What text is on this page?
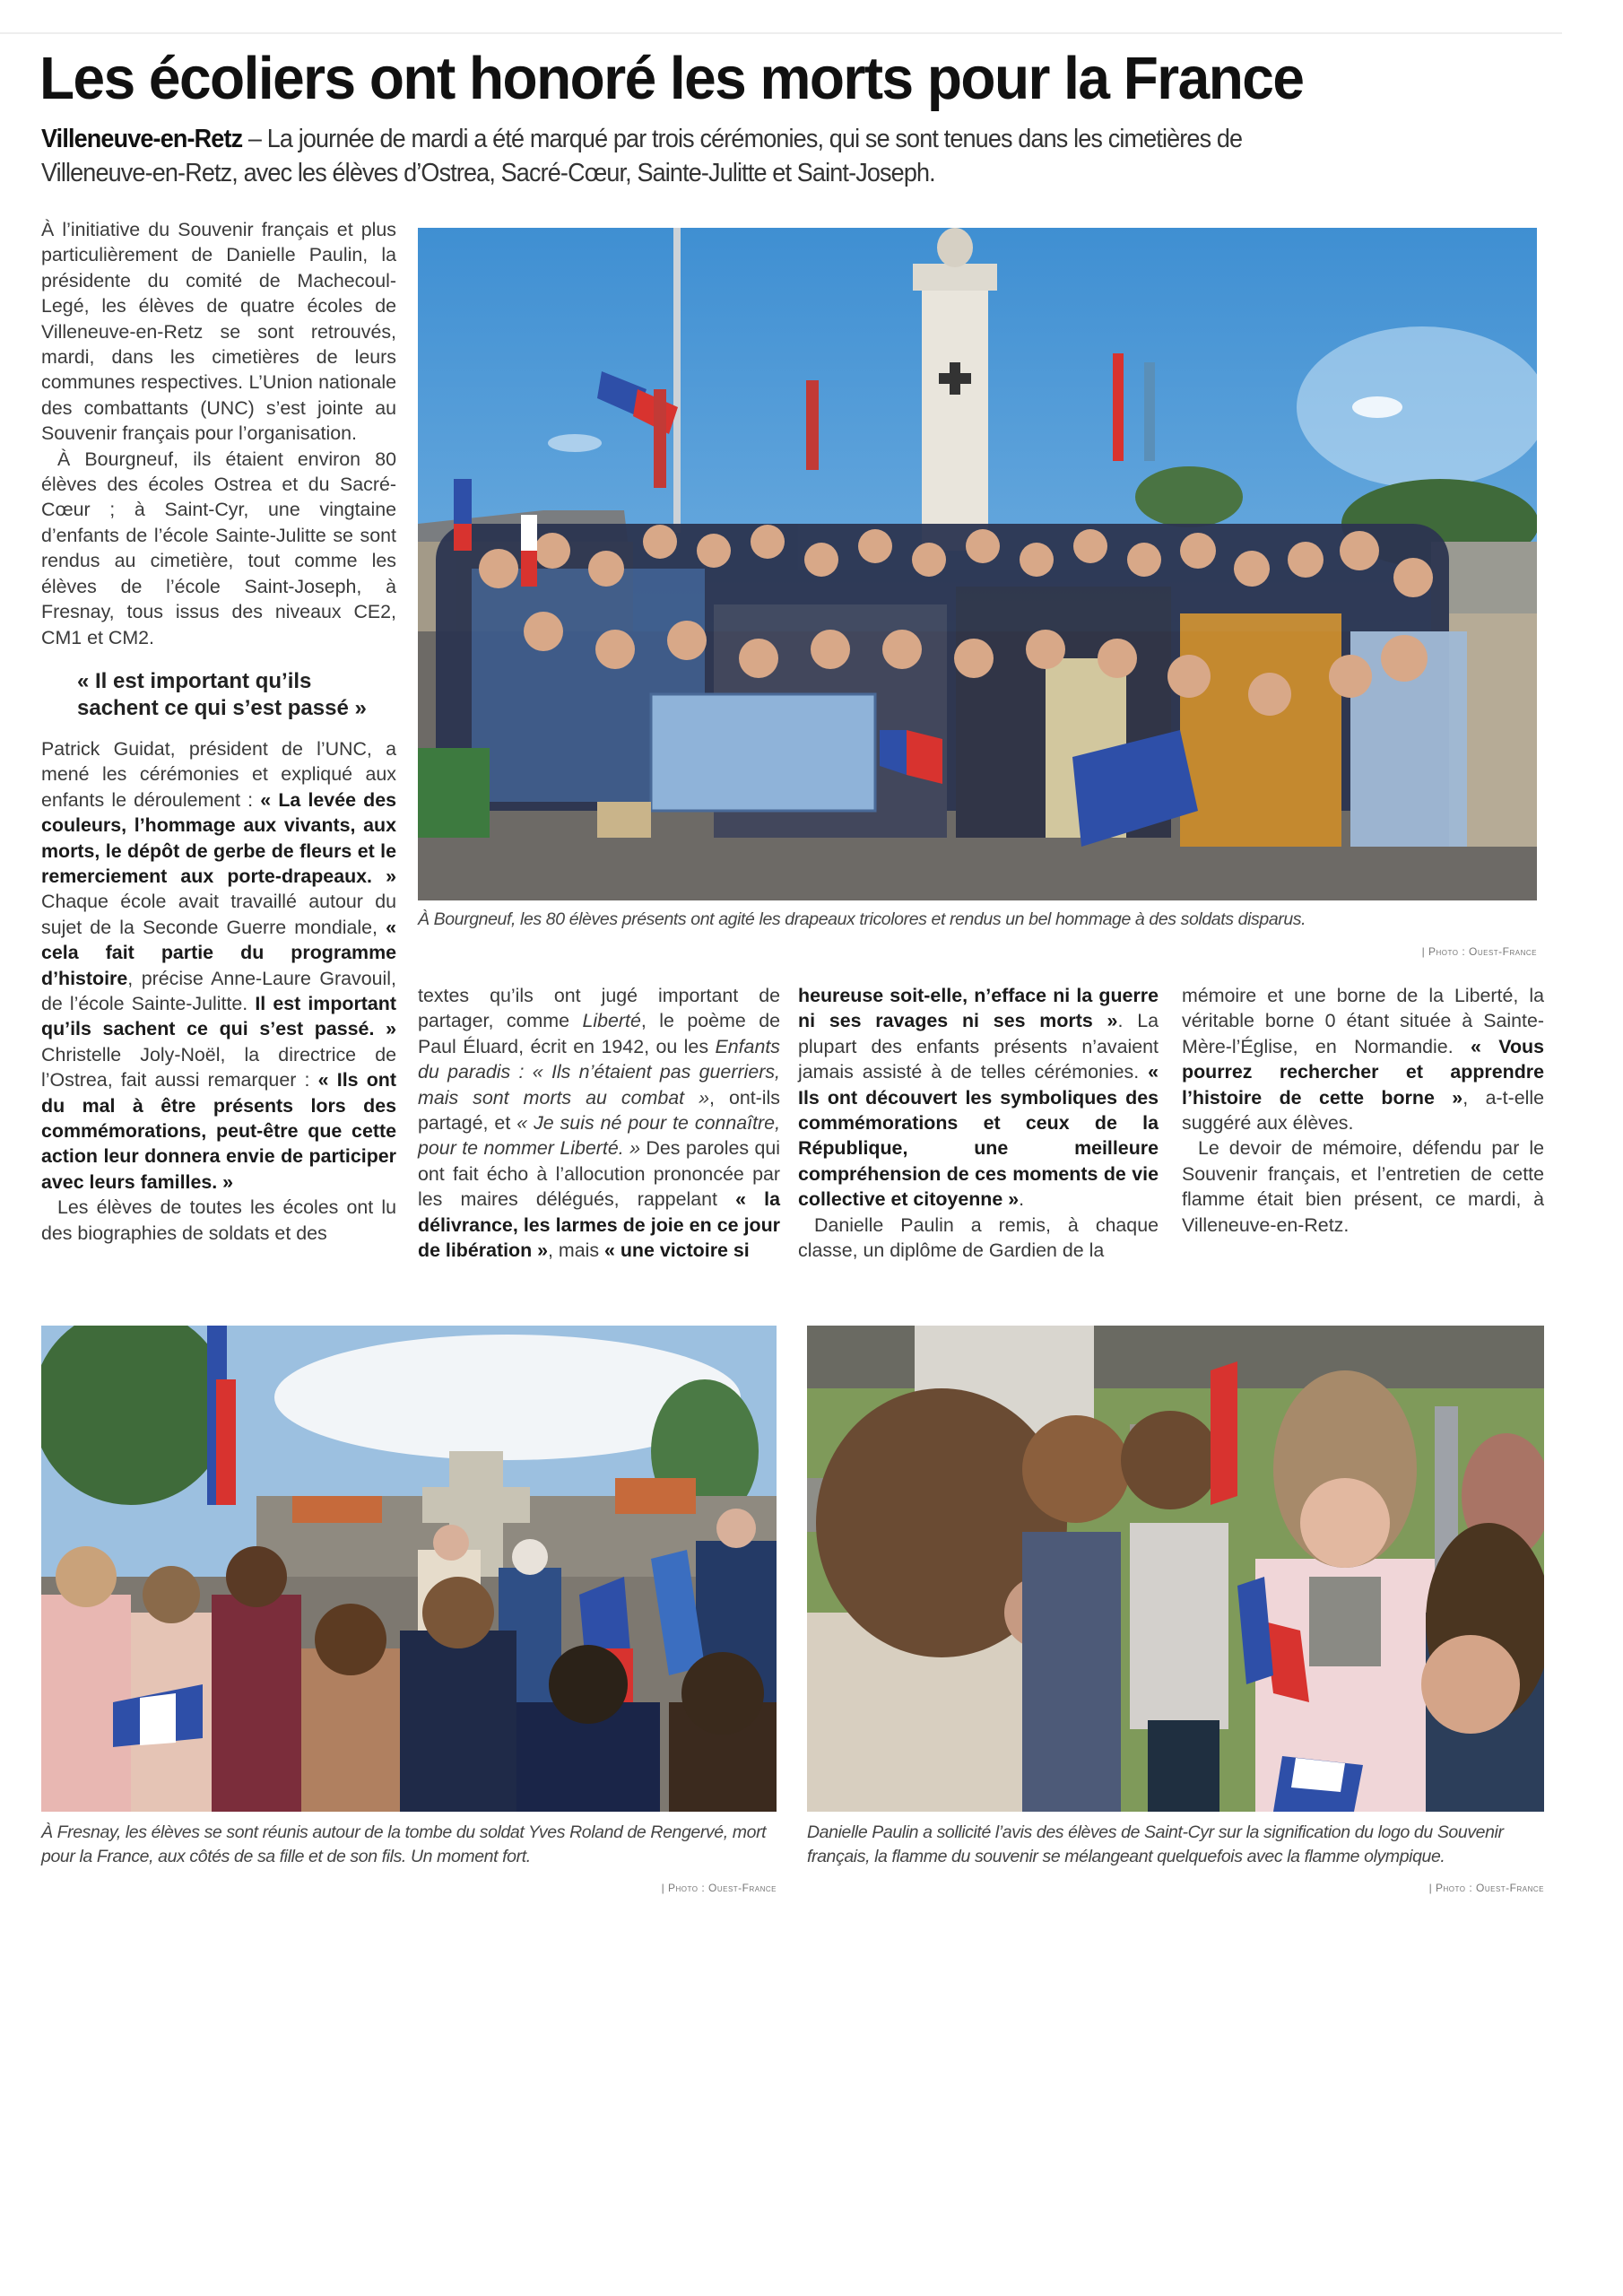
Les écoliers ont honoré les morts pour la France

Villeneuve-en-Retz – La journée de mardi a été marqué par trois cérémonies, qui se sont tenues dans les cimetières de Villeneuve-en-Retz, avec les élèves d’Ostrea, Sacré-Cœur, Sainte-Julitte et Saint-Joseph.

À l’initiative du Souvenir français et plus particulièrement de Danielle Paulin, la présidente du comité de Machecoul-Legé, les élèves de quatre écoles de Villeneuve-en-Retz se sont retrouvés, mardi, dans les cimetières de leurs communes respectives. L’Union nationale des combattants (UNC) s’est jointe au Souvenir français pour l’organisation.

À Bourgneuf, ils étaient environ 80 élèves des écoles Ostrea et du Sacré-Cœur ; à Saint-Cyr, une vingtaine d’enfants de l’école Sainte-Julitte se sont rendus au cimetière, tout comme les élèves de l’école Saint-Joseph, à Fresnay, tous issus des niveaux CE2, CM1 et CM2.

« Il est important qu’ils sachent ce qui s’est passé »

Patrick Guidat, président de l’UNC, a mené les cérémonies et expliqué aux enfants le déroulement : « La levée des couleurs, l’hommage aux vivants, aux morts, le dépôt de gerbe de fleurs et le remerciement aux porte-drapeaux. » Chaque école avait travaillé autour du sujet de la Seconde Guerre mondiale, « cela fait partie du programme d’histoire, précise Anne-Laure Gravouil, de l’école Sainte-Julitte. Il est important qu’ils sachent ce qui s’est passé. » Christelle Joly-Noël, la directrice de l’Ostrea, fait aussi remarquer : « Ils ont du mal à être présents lors des commémorations, peut-être que cette action leur donnera envie de participer avec leurs familles. »

Les élèves de toutes les écoles ont lu des biographies de soldats et des

À Bourgneuf, les 80 élèves présents ont agité les drapeaux tricolores et rendus un bel hommage à des soldats disparus.

| Photo : Ouest-France

textes qu’ils ont jugé important de partager, comme Liberté, le poème de Paul Éluard, écrit en 1942, ou les Enfants du paradis : « Ils n’étaient pas guerriers, mais sont morts au combat », ont-ils partagé, et « Je suis né pour te connaître, pour te nommer Liberté. » Des paroles qui ont fait écho à l’allocution prononcée par les maires délégués, rappelant « la délivrance, les larmes de joie en ce jour de libération », mais « une victoire si

heureuse soit-elle, n’efface ni la guerre ni ses ravages ni ses morts ». La plupart des enfants présents n’avaient jamais assisté à de telles cérémonies. « Ils ont découvert les symboliques des commémorations et ceux de la République, une meilleure compréhension de ces moments de vie collective et citoyenne ».

Danielle Paulin a remis, à chaque classe, un diplôme de Gardien de la

mémoire et une borne de la Liberté, la véritable borne 0 étant située à Sainte-Mère-l’Église, en Normandie. « Vous pourrez rechercher et apprendre l’histoire de cette borne », a-t-elle suggéré aux élèves.

Le devoir de mémoire, défendu par le Souvenir français, et l’entretien de cette flamme était bien présent, ce mardi, à Villeneuve-en-Retz.

À Fresnay, les élèves se sont réunis autour de la tombe du soldat Yves Roland de Rengervé, mort pour la France, aux côtés de sa fille et de son fils. Un moment fort.

| Photo : Ouest-France

Danielle Paulin a sollicité l’avis des élèves de Saint-Cyr sur la signification du logo du Souvenir français, la flamme du souvenir se mélangeant quelquefois avec la flamme olympique.

| Photo : Ouest-France
